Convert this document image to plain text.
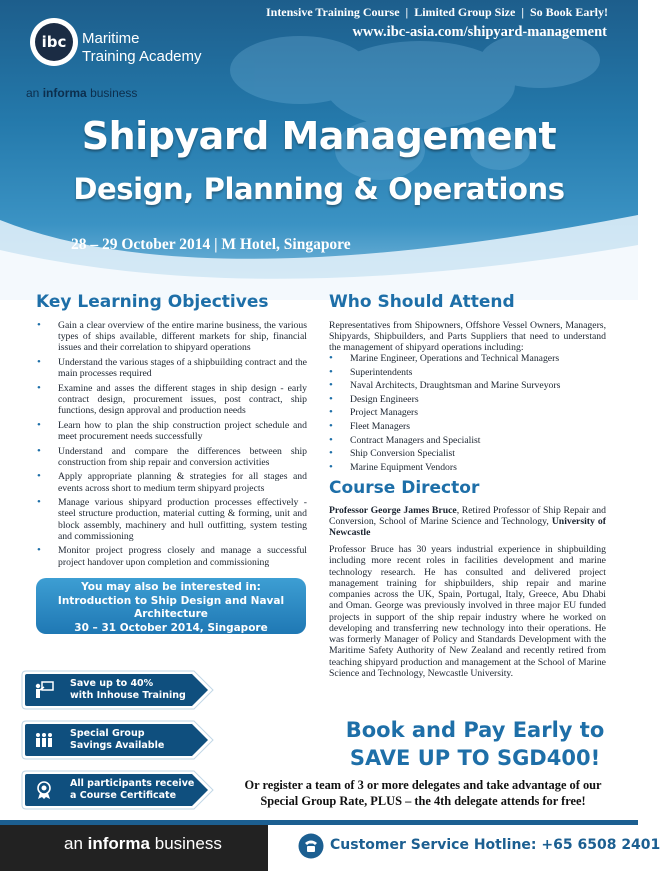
Intensive Training Course | Limited Group Size | So Book Early!
www.ibc-asia.com/shipyard-management
ibc Maritime
Training Academy
an informa business
Shipyard Management
Design, Planning & Operations
28 – 29 October 2014 | M Hotel, Singapore
Key Learning Objectives
• Gain a clear overview of the entire marine business, the various types of ships available, different markets for ship, financial issues and their correlation to shipyard operations
• Understand the various stages of a shipbuilding contract and the main processes required
• Examine and asses the different stages in ship design - early contract design, procurement issues, post contract, ship functions, design approval and production needs
• Learn how to plan the ship construction project schedule and meet procurement needs successfully
• Understand and compare the differences between ship construction from ship repair and conversion activities
• Apply appropriate planning & strategies for all stages and events across short to medium term shipyard projects
• Manage various shipyard production processes effectively - steel structure production, material cutting & forming, unit and block assembly, machinery and hull outfitting, system testing and commissioning
• Monitor project progress closely and manage a successful project handover upon completion and commissioning
You may also be interested in:
Introduction to Ship Design and Naval Architecture
30 – 31 October 2014, Singapore
Who Should Attend
Representatives from Shipowners, Offshore Vessel Owners, Managers, Shipyards, Shipbuilders, and Parts Suppliers that need to understand the management of shipyard operations including:
• Marine Engineer, Operations and Technical Managers
• Superintendents
• Naval Architects, Draughtsman and Marine Surveyors
• Design Engineers
• Project Managers
• Fleet Managers
• Contract Managers and Specialist
• Ship Conversion Specialist
• Marine Equipment Vendors
Course Director
Professor George James Bruce, Retired Professor of Ship Repair and Conversion, School of Marine Science and Technology, University of Newcastle
Professor Bruce has 30 years industrial experience in shipbuilding including more recent roles in facilities development and marine technology research. He has consulted and delivered project management training for shipbuilders, ship repair and marine companies across the UK, Spain, Portugal, Italy, Greece, Abu Dhabi and Oman. George was previously involved in three major EU funded projects in support of the ship repair industry where he worked on developing and transferring new technology into their operations. He was formerly Manager of Policy and Standards Development with the Maritime Safety Authority of New Zealand and recently retired from teaching shipyard production and management at the School of Marine Science and Technology, Newcastle University.
Save up to 40%
with Inhouse Training
Special Group
Savings Available
All participants receive
a Course Certificate
Book and Pay Early to
SAVE UP TO SGD400!
Or register a team of 3 or more delegates and take advantage of our Special Group Rate, PLUS – the 4th delegate attends for free!
an informa business	Customer Service Hotline: +65 6508 2401
